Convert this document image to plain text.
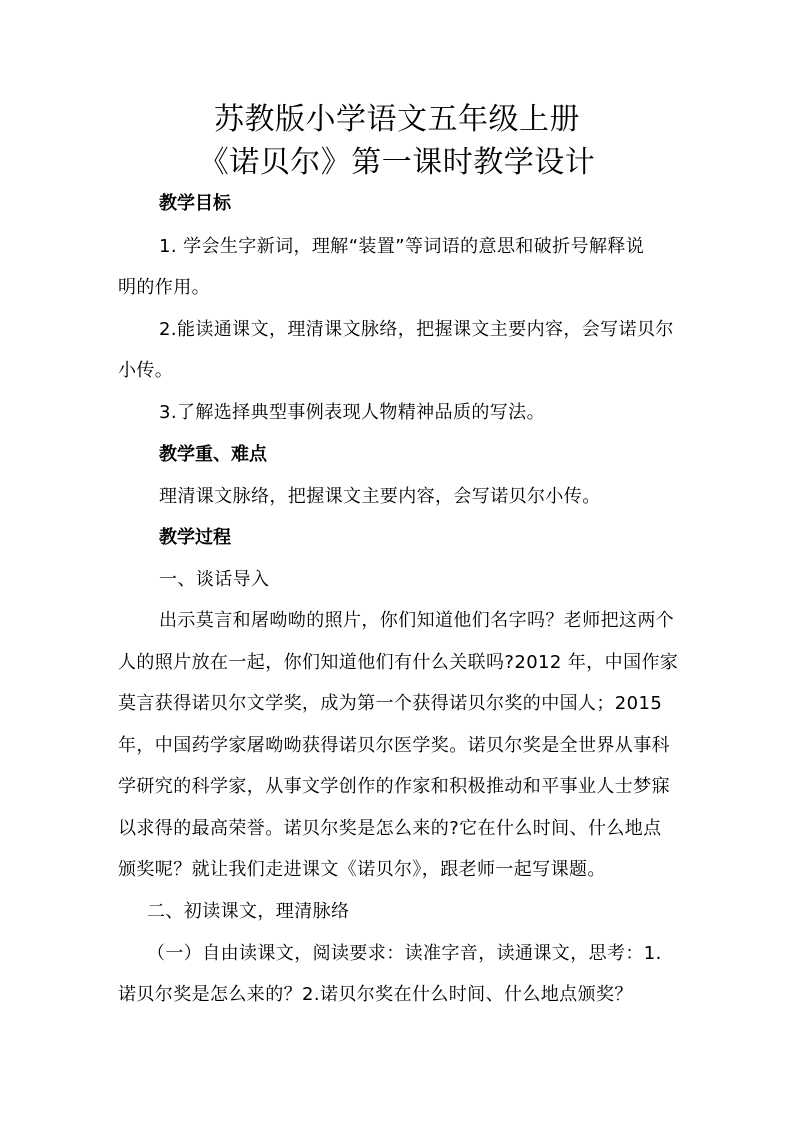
苏教版小学语文五年级上册
《诺贝尔》第一课时教学设计
教学目标
1. 学会生字新词，理解“装置”等词语的意思和破折号解释说
明的作用。
2.能读通课文，理清课文脉络，把握课文主要内容，会写诺贝尔
小传。
3.了解选择典型事例表现人物精神品质的写法。
教学重、难点
理清课文脉络，把握课文主要内容，会写诺贝尔小传。
教学过程
一、谈话导入
出示莫言和屠呦呦的照片，你们知道他们名字吗？老师把这两个
人的照片放在一起，你们知道他们有什么关联吗?2012 年，中国作家
莫言获得诺贝尔文学奖，成为第一个获得诺贝尔奖的中国人；2015
年，中国药学家屠呦呦获得诺贝尔医学奖。诺贝尔奖是全世界从事科
学研究的科学家，从事文学创作的作家和积极推动和平事业人士梦寐
以求得的最高荣誉。诺贝尔奖是怎么来的?它在什么时间、什么地点
颁奖呢？就让我们走进课文《诺贝尔》，跟老师一起写课题。
二、初读课文，理清脉络
（一）自由读课文，阅读要求：读准字音，读通课文，思考：1.
诺贝尔奖是怎么来的？2.诺贝尔奖在什么时间、什么地点颁奖？
